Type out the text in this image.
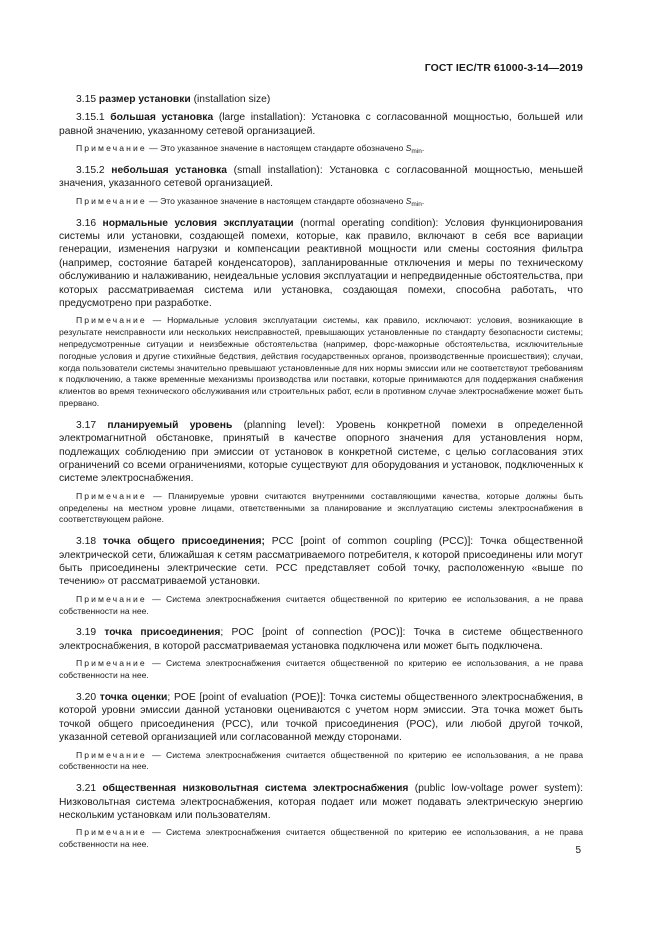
ГОСТ IEC/TR 61000-3-14—2019

3.15 размер установки (installation size)

3.15.1 большая установка (large installation): Установка с согласованной мощностью, большей или равной значению, указанному сетевой организацией.

Примечание — Это указанное значение в настоящем стандарте обозначено $S_{min}$.

3.15.2 небольшая установка (small installation): Установка с согласованной мощностью, меньшей значения, указанного сетевой организацией.

Примечание — Это указанное значение в настоящем стандарте обозначено $S_{min}$.

3.16 нормальные условия эксплуатации (normal operating condition): Условия функционирования системы или установки, создающей помехи, которые, как правило, включают в себя все вариации генерации, изменения нагрузки и компенсации реактивной мощности или смены состояния фильтра (например, состояние батарей конденсаторов), запланированные отключения и меры по техническому обслуживанию и налаживанию, неидеальные условия эксплуатации и непредвиденные обстоятельства, при которых рассматриваемая система или установка, создающая помехи, способна работать, что предусмотрено при разработке.

Примечание — Нормальные условия эксплуатации системы, как правило, исключают: условия, возникающие в результате неисправности или нескольких неисправностей, превышающих установленные по стандарту безопасности системы; непредусмотренные ситуации и неизбежные обстоятельства (например, форс-мажорные обстоятельства, исключительные погодные условия и другие стихийные бедствия, действия государственных органов, производственные происшествия); случаи, когда пользователи системы значительно превышают установленные для них нормы эмиссии или не соответствуют требованиям к подключению, а также временные механизмы производства или поставки, которые принимаются для поддержания снабжения клиентов во время технического обслуживания или строительных работ, если в противном случае электроснабжение может быть прервано.

3.17 планируемый уровень (planning level): Уровень конкретной помехи в определенной электромагнитной обстановке, принятый в качестве опорного значения для установления норм, подлежащих соблюдению при эмиссии от установок в конкретной системе, с целью согласования этих ограничений со всеми ограничениями, которые существуют для оборудования и установок, подключенных к системе электроснабжения.

Примечание — Планируемые уровни считаются внутренними составляющими качества, которые должны быть определены на местном уровне лицами, ответственными за планирование и эксплуатацию системы электроснабжения в соответствующем районе.

3.18 точка общего присоединения; PCC [point of common coupling (PCC)]: Точка общественной электрической сети, ближайшая к сетям рассматриваемого потребителя, к которой присоединены или могут быть присоединены электрические сети. PCC представляет собой точку, расположенную «выше по течению» от рассматриваемой установки.

Примечание — Система электроснабжения считается общественной по критерию ее использования, а не права собственности на нее.

3.19 точка присоединения; POC [point of connection (POC)]: Точка в системе общественного электроснабжения, в которой рассматриваемая установка подключена или может быть подключена.

Примечание — Система электроснабжения считается общественной по критерию ее использования, а не права собственности на нее.

3.20 точка оценки; POE [point of evaluation (POE)]: Точка системы общественного электроснабжения, в которой уровни эмиссии данной установки оцениваются с учетом норм эмиссии. Эта точка может быть точкой общего присоединения (PCC), или точкой присоединения (POC), или любой другой точкой, указанной сетевой организацией или согласованной между сторонами.

Примечание — Система электроснабжения считается общественной по критерию ее использования, а не права собственности на нее.

3.21 общественная низковольтная система электроснабжения (public low-voltage power system): Низковольтная система электроснабжения, которая подает или может подавать электрическую энергию нескольким установкам или пользователям.

Примечание — Система электроснабжения считается общественной по критерию ее использования, а не права собственности на нее.

5
